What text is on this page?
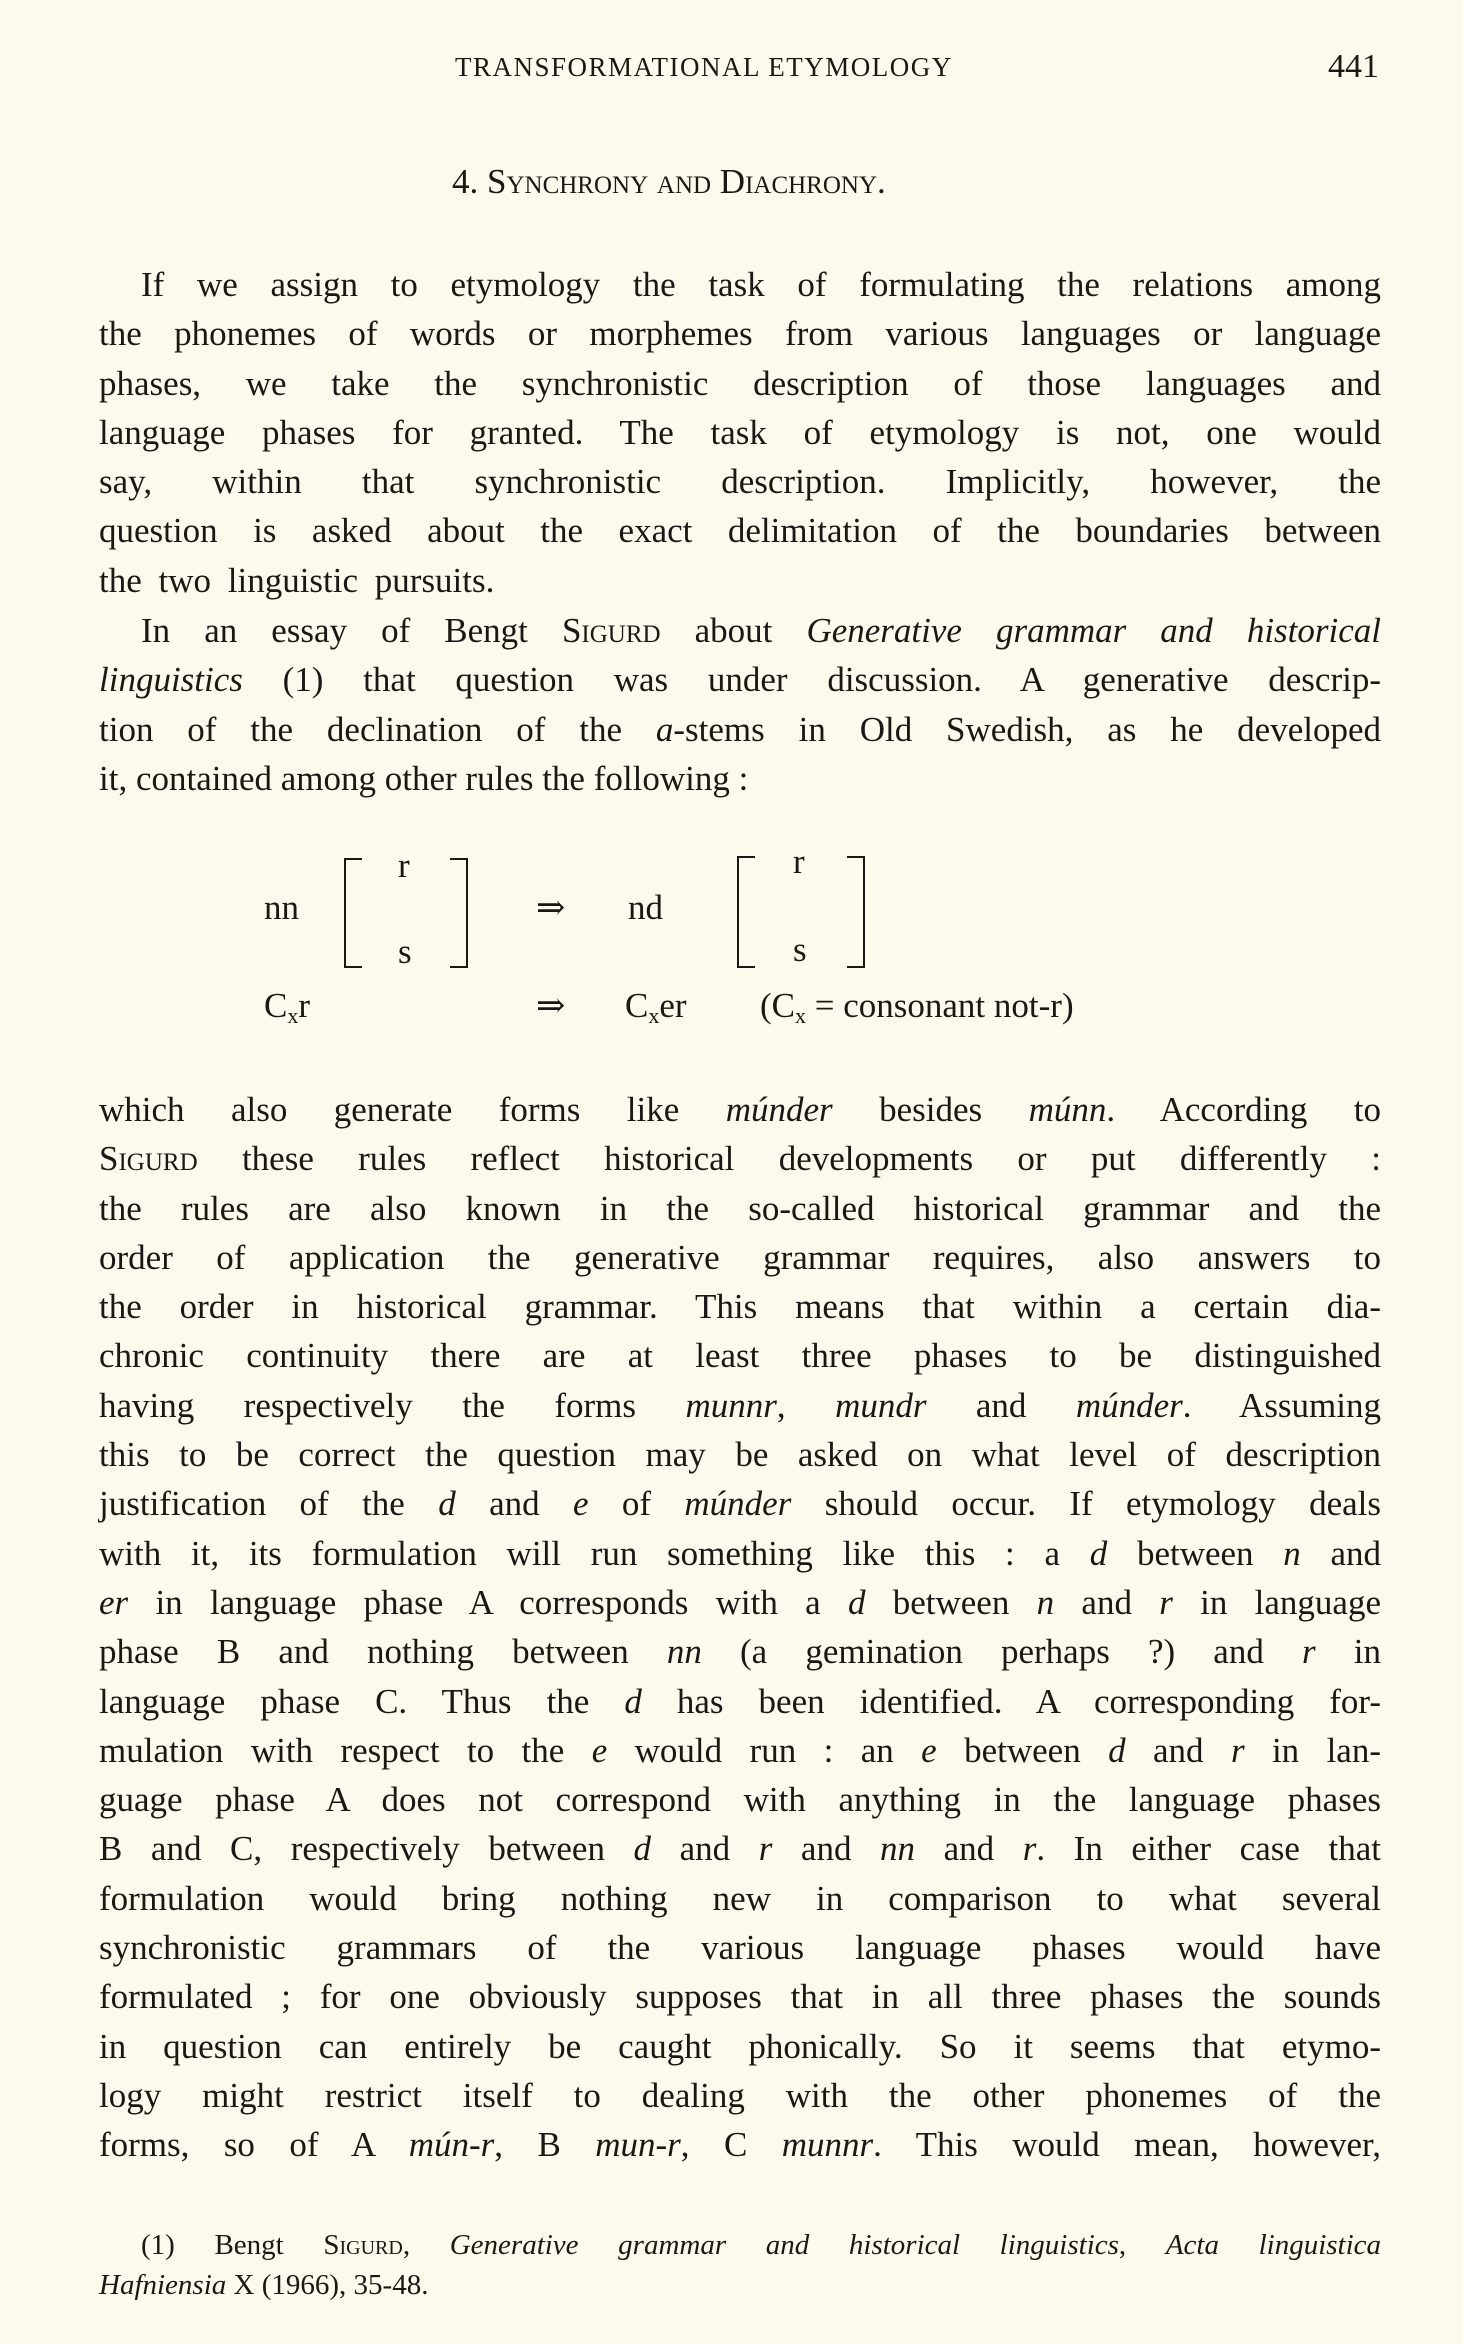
TRANSFORMATIONAL ETYMOLOGY	441
4. Synchrony and Diachrony.
If we assign to etymology the task of formulating the relations among
the phonemes of words or morphemes from various languages or language
phases, we take the synchronistic description of those languages and
language phases for granted. The task of etymology is not, one would
say, within that synchronistic description. Implicitly, however, the
question is asked about the exact delimitation of the boundaries between
the two linguistic pursuits.
In an essay of Bengt Sigurd about Generative grammar and historical
linguistics (1) that question was under discussion. A generative descrip-
tion of the declination of the a-stems in Old Swedish, as he developed
it, contained among other rules the following :
nn
r
s
⇒ nd
r
s
$C_xr$	⇒ $C_xer$ ($C_x$ = consonant not-r)
which also generate forms like múnder besides múnn. According to
Sigurd these rules reflect historical developments or put differently :
the rules are also known in the so-called historical grammar and the
order of application the generative grammar requires, also answers to
the order in historical grammar. This means that within a certain dia-
chronic continuity there are at least three phases to be distinguished
having respectively the forms munnr, mundr and múnder. Assuming
this to be correct the question may be asked on what level of description
justification of the d and e of múnder should occur. If etymology deals
with it, its formulation will run something like this : a d between n and
er in language phase A corresponds with a d between n and r in language
phase B and nothing between nn (a gemination perhaps ?) and r in
language phase C. Thus the d has been identified. A corresponding for-
mulation with respect to the e would run : an e between d and r in lan-
guage phase A does not correspond with anything in the language phases
B and C, respectively between d and r and nn and r. In either case that
formulation would bring nothing new in comparison to what several
synchronistic grammars of the various language phases would have
formulated ; for one obviously supposes that in all three phases the sounds
in question can entirely be caught phonically. So it seems that etymo-
logy might restrict itself to dealing with the other phonemes of the
forms, so of A mún-r, B mun-r, C munnr. This would mean, however,
(1) Bengt Sigurd, Generative grammar and historical linguistics, Acta linguistica
Hafniensia X (1966), 35-48.
